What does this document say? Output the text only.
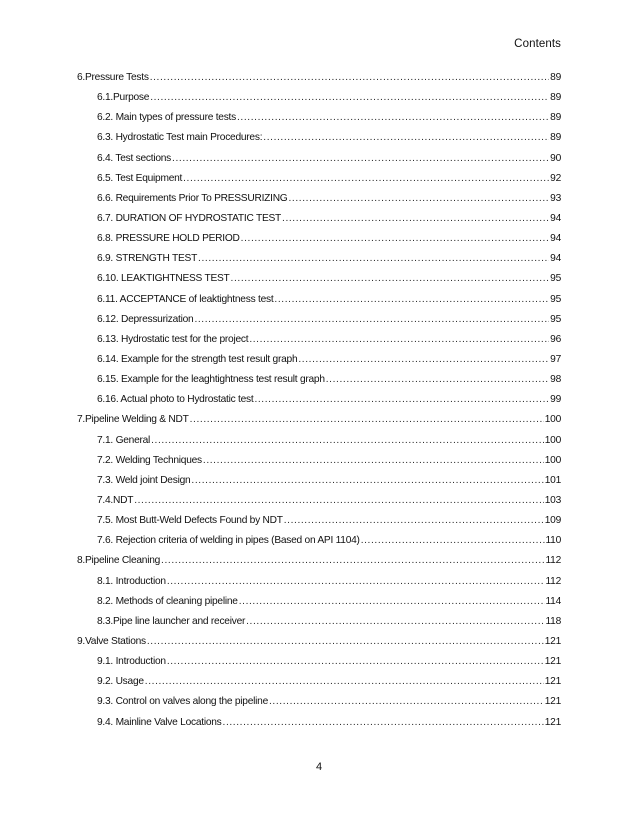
Contents
6.Pressure Tests .....	89
6.1.Purpose .....	89
6.2. Main types of pressure tests .....	89
6.3. Hydrostatic Test main Procedures: .....	89
6.4. Test sections .....	90
6.5. Test Equipment .....	92
6.6. Requirements Prior To PRESSURIZING .....	93
6.7. DURATION OF HYDROSTATIC TEST .....	94
6.8. PRESSURE HOLD PERIOD .....	94
6.9. STRENGTH TEST .....	94
6.10. LEAKTIGHTNESS TEST .....	95
6.11. ACCEPTANCE of leaktightness test .....	95
6.12. Depressurization .....	95
6.13. Hydrostatic test for the project .....	96
6.14. Example for the strength test result graph .....	97
6.15. Example for the leaghtightness test result graph .....	98
6.16. Actual photo to Hydrostatic test .....	99
7.Pipeline Welding & NDT .....	100
7.1. General .....	100
7.2. Welding Techniques .....	100
7.3. Weld joint Design .....	101
7.4.NDT .....	103
7.5. Most Butt-Weld Defects Found by NDT .....	109
7.6. Rejection criteria of welding in pipes (Based on API 1104) .....	110
8.Pipeline Cleaning .....	112
8.1. Introduction .....	112
8.2. Methods of cleaning pipeline .....	114
8.3.Pipe line launcher and receiver .....	118
9.Valve Stations .....	121
9.1. Introduction .....	121
9.2. Usage .....	121
9.3. Control on valves along the pipeline .....	121
9.4. Mainline Valve Locations .....	121
4
